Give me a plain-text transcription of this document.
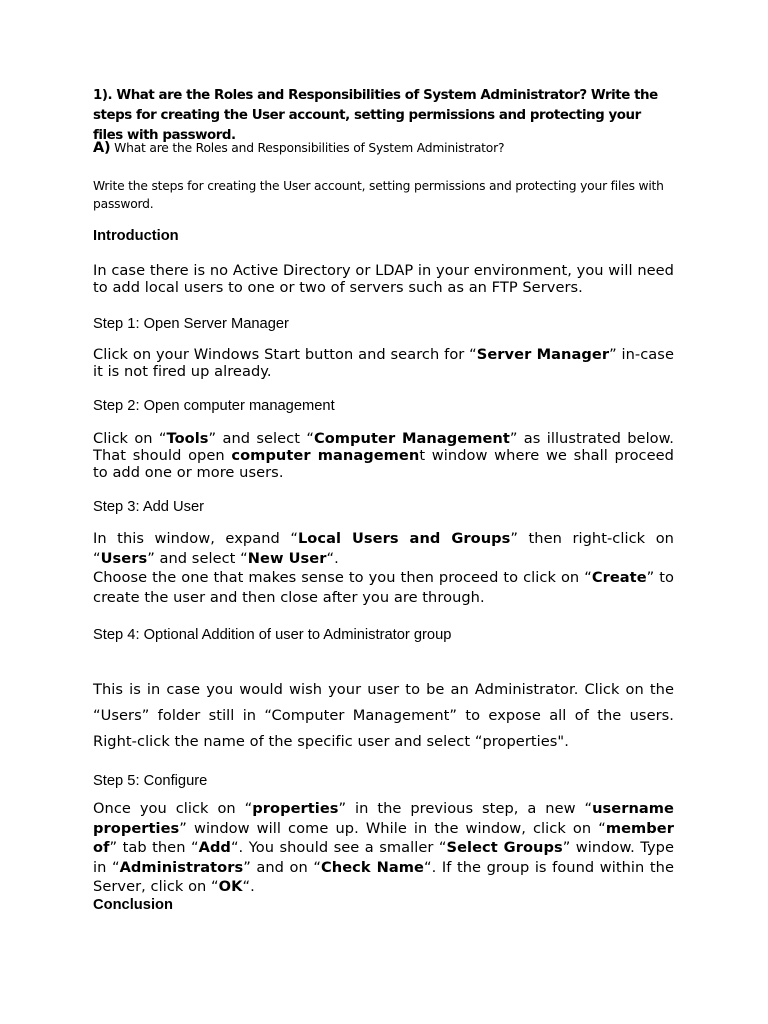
1). What are the Roles and Responsibilities of System Administrator? Write the steps for creating the User account, setting permissions and protecting your files with password.

A) What are the Roles and Responsibilities of System Administrator?

Write the steps for creating the User account, setting permissions and protecting your files with password.

Introduction

In case there is no Active Directory or LDAP in your environment, you will need to add local users to one or two of servers such as an FTP Servers.

Step 1: Open Server Manager

Click on your Windows Start button and search for “Server Manager” in-case it is not fired up already.

Step 2: Open computer management

Click on “Tools” and select “Computer Management” as illustrated below. That should open computer management window where we shall proceed to add one or more users.

Step 3: Add User

In this window, expand “Local Users and Groups” then right-click on “Users” and select “New User“.
Choose the one that makes sense to you then proceed to click on “Create” to create the user and then close after you are through.

Step 4: Optional Addition of user to Administrator group

This is in case you would wish your user to be an Administrator. Click on the “Users” folder still in “Computer Management” to expose all of the users. Right-click the name of the specific user and select “properties".

Step 5: Configure

Once you click on “properties” in the previous step, a new “username properties” window will come up. While in the window, click on “member of” tab then “Add“. You should see a smaller “Select Groups” window. Type in “Administrators” and on “Check Name“. If the group is found within the Server, click on “OK“.

Conclusion
